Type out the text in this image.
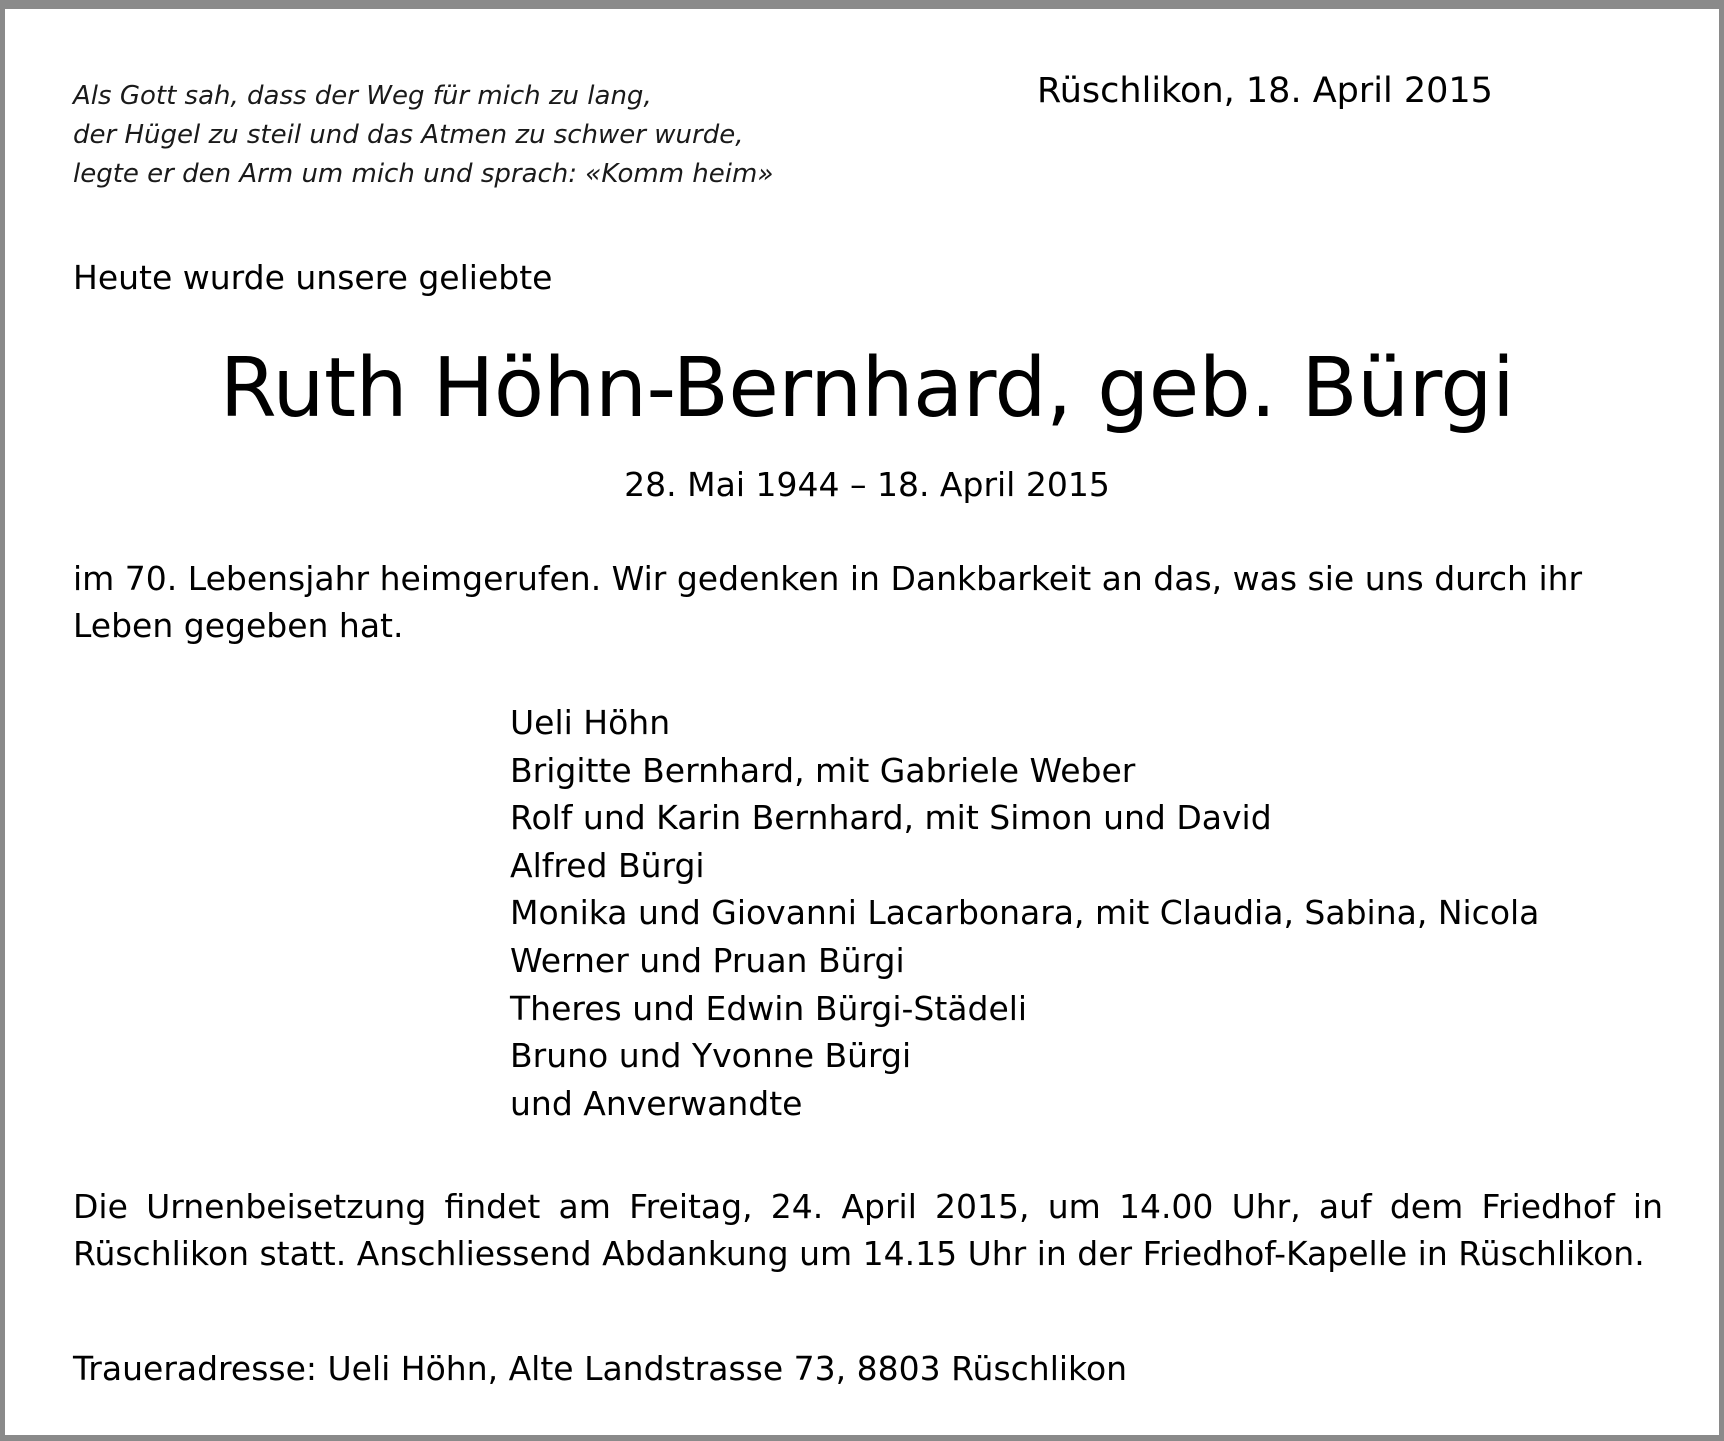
Als Gott sah, dass der Weg für mich zu lang,
der Hügel zu steil und das Atmen zu schwer wurde,
legte er den Arm um mich und sprach: «Komm heim»
Rüschlikon, 18. April 2015
Heute wurde unsere geliebte
Ruth Höhn-Bernhard, geb. Bürgi
28. Mai 1944 – 18. April 2015
im 70. Lebensjahr heimgerufen. Wir gedenken in Dankbarkeit an das, was sie uns durch ihr Leben gegeben hat.
Ueli Höhn
Brigitte Bernhard, mit Gabriele Weber
Rolf und Karin Bernhard, mit Simon und David
Alfred Bürgi
Monika und Giovanni Lacarbonara, mit Claudia, Sabina, Nicola
Werner und Pruan Bürgi
Theres und Edwin Bürgi-Städeli
Bruno und Yvonne Bürgi
und Anverwandte
Die Urnenbeisetzung findet am Freitag, 24. April 2015, um 14.00 Uhr, auf dem Friedhof in Rüschlikon statt. Anschliessend Abdankung um 14.15 Uhr in der Friedhof-Kapelle in Rüschlikon.
Traueradresse: Ueli Höhn, Alte Landstrasse 73, 8803 Rüschlikon
